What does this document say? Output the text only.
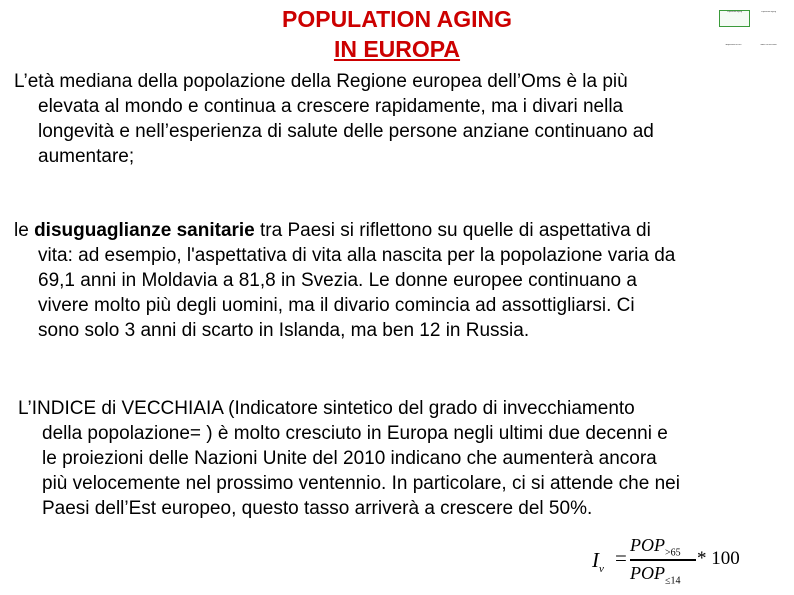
POPULATION AGING
IN EUROPA
Population aging	Population aging
Aspettativa di vita	Indice di vecchiaia

L’età mediana della popolazione della Regione europea dell’Oms è la più
elevata al mondo e continua a crescere rapidamente, ma i divari nella
longevità e nell’esperienza di salute delle persone anziane continuano ad
aumentare;

le disuguaglianze sanitarie tra Paesi si riflettono su quelle di aspettativa di
vita: ad esempio, l'aspettativa di vita alla nascita per la popolazione varia da
69,1 anni in Moldavia a 81,8 in Svezia. Le donne europee continuano a
vivere molto più degli uomini, ma il divario comincia ad assottigliarsi. Ci
sono solo 3 anni di scarto in Islanda, ma ben 12 in Russia.

L’INDICE di VECCHIAIA (Indicatore sintetico del grado di invecchiamento
della popolazione= ) è molto cresciuto in Europa negli ultimi due decenni e
le proiezioni delle Nazioni Unite del 2010 indicano che aumenterà ancora
più velocemente nel prossimo ventennio. In particolare, ci si attende che nei
Paesi dell’Est europeo, questo tasso arriverà a crescere del 50%.

$I_v$ =
$POP_{>65}$
$POP_{\le 14}$
* 100
